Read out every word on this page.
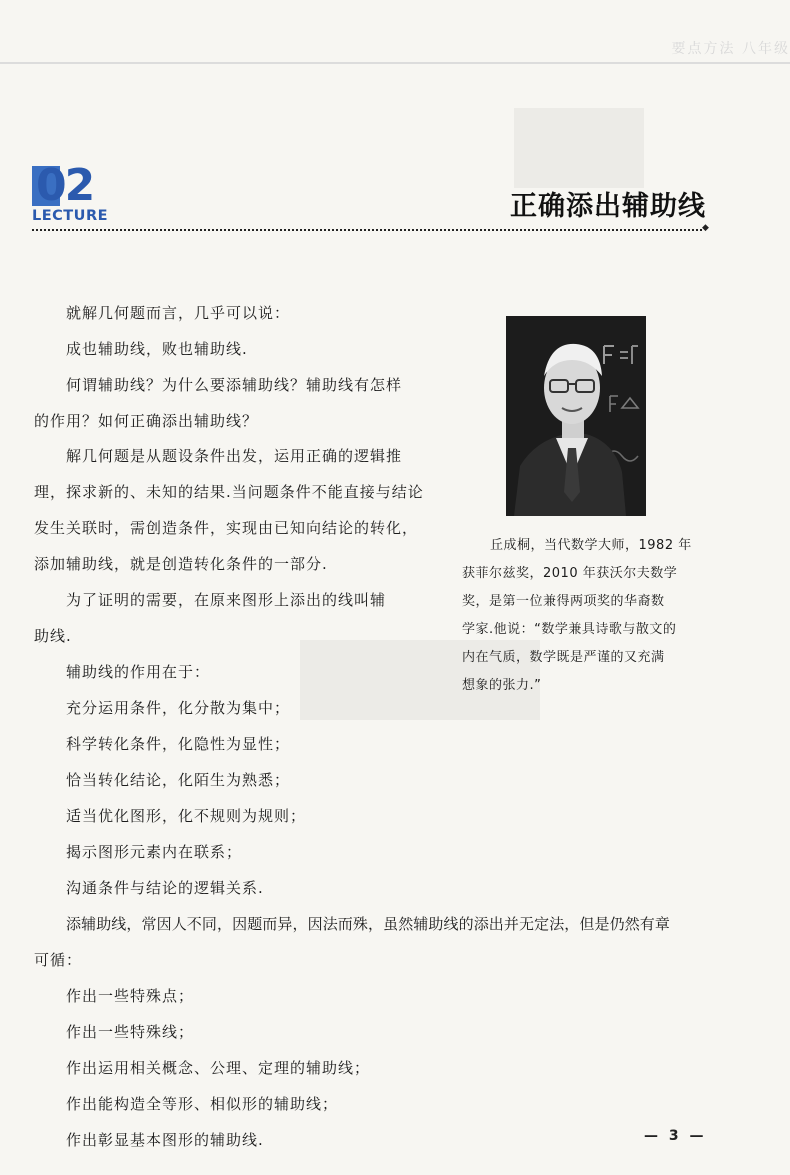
要点方法 八年级
02
LECTURE	正确添出辅助线
◆
就解几何题而言，几乎可以说：
成也辅助线，败也辅助线.
何谓辅助线？为什么要添辅助线？辅助线有怎样
的作用？如何正确添出辅助线？
解几何题是从题设条件出发，运用正确的逻辑推
理，探求新的、未知的结果.当问题条件不能直接与结论
发生关联时，需创造条件，实现由已知向结论的转化，
添加辅助线，就是创造转化条件的一部分.
为了证明的需要，在原来图形上添出的线叫辅
助线.
辅助线的作用在于：
充分运用条件，化分散为集中；
科学转化条件，化隐性为显性；
恰当转化结论，化陌生为熟悉；
适当优化图形，化不规则为规则；
揭示图形元素内在联系；
沟通条件与结论的逻辑关系.
添辅助线，常因人不同，因题而异，因法而殊，虽然辅助线的添出并无定法，但是仍然有章
可循：
作出一些特殊点；
作出一些特殊线；
作出运用相关概念、公理、定理的辅助线；
作出能构造全等形、相似形的辅助线；
作出彰显基本图形的辅助线.
丘成桐，当代数学大师，1982 年
获菲尔兹奖，2010 年获沃尔夫数学
奖，是第一位兼得两项奖的华裔数
学家.他说：“数学兼具诗歌与散文的
内在气质，数学既是严谨的又充满
想象的张力.”
— 3 —
